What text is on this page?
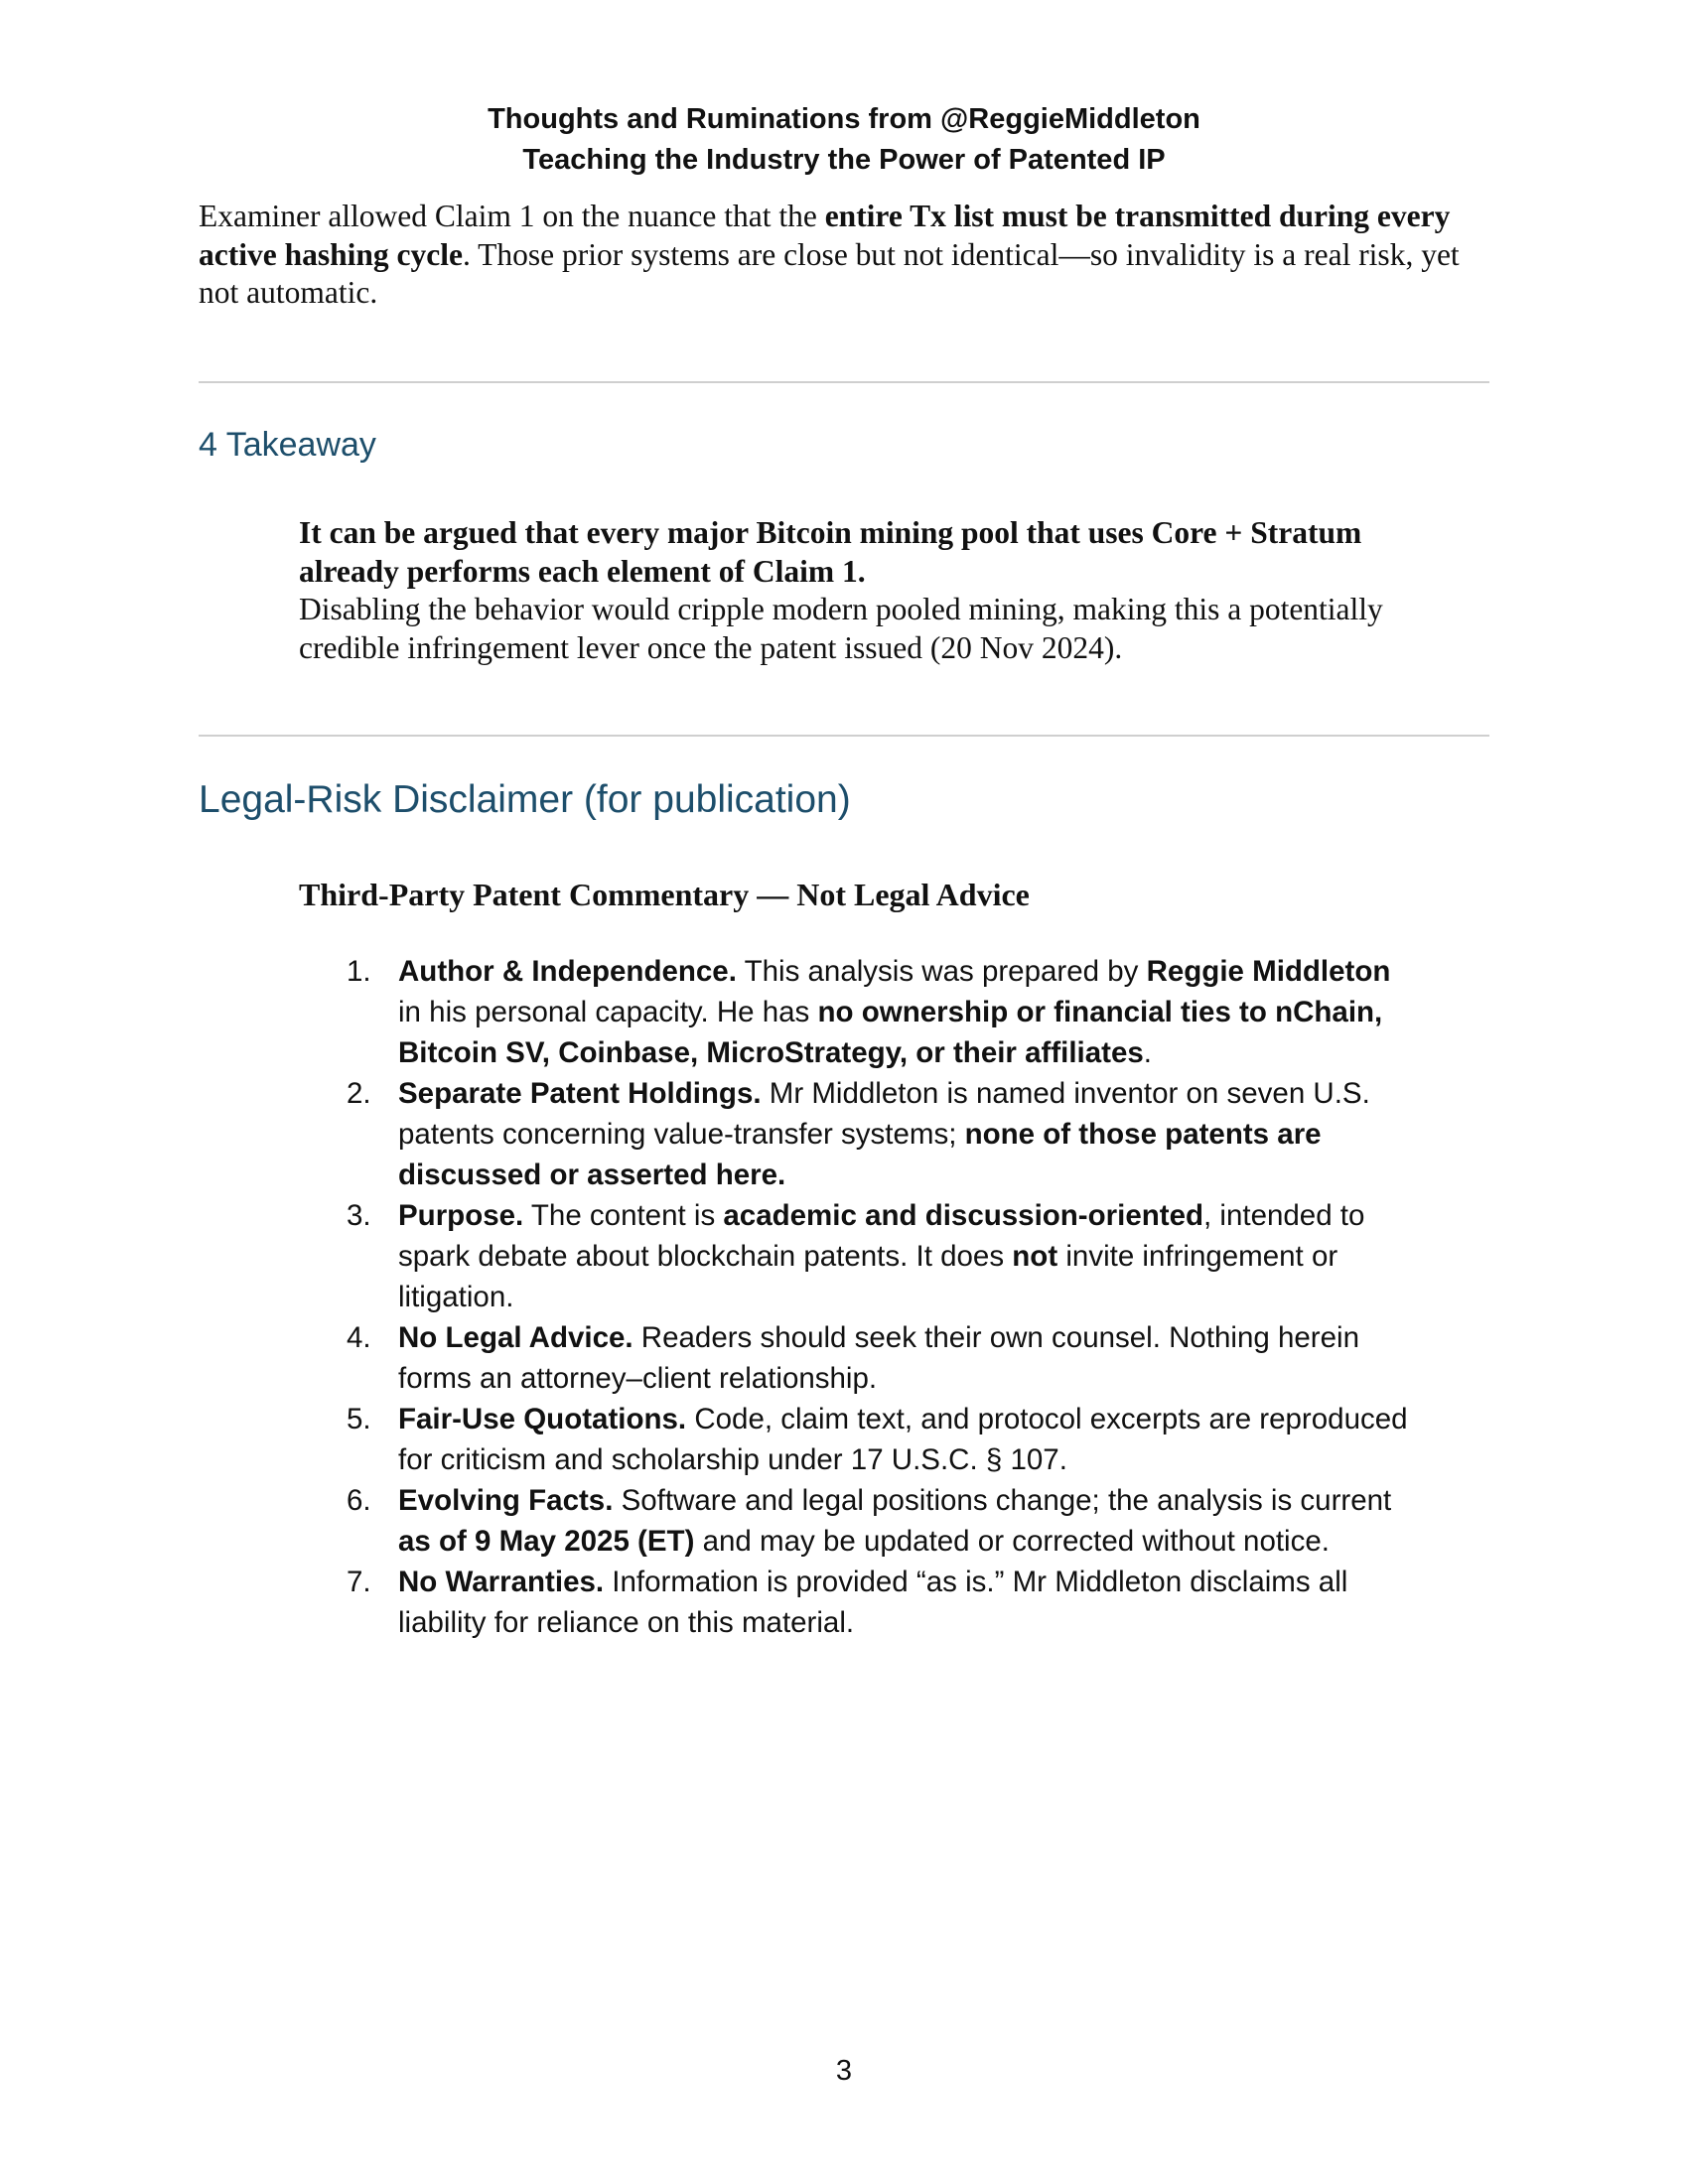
Thoughts and Ruminations from @ReggieMiddleton
Teaching the Industry the Power of Patented IP
Examiner allowed Claim 1 on the nuance that the entire Tx list must be transmitted during every active hashing cycle. Those prior systems are close but not identical—so invalidity is a real risk, yet not automatic.
4 Takeaway
It can be argued that every major Bitcoin mining pool that uses Core + Stratum already performs each element of Claim 1.
Disabling the behavior would cripple modern pooled mining, making this a potentially credible infringement lever once the patent issued (20 Nov 2024).
Legal-Risk Disclaimer (for publication)
Third-Party Patent Commentary — Not Legal Advice
1. Author & Independence. This analysis was prepared by Reggie Middleton in his personal capacity. He has no ownership or financial ties to nChain, Bitcoin SV, Coinbase, MicroStrategy, or their affiliates.
2. Separate Patent Holdings. Mr Middleton is named inventor on seven U.S. patents concerning value-transfer systems; none of those patents are discussed or asserted here.
3. Purpose. The content is academic and discussion-oriented, intended to spark debate about blockchain patents. It does not invite infringement or litigation.
4. No Legal Advice. Readers should seek their own counsel. Nothing herein forms an attorney–client relationship.
5. Fair-Use Quotations. Code, claim text, and protocol excerpts are reproduced for criticism and scholarship under 17 U.S.C. § 107.
6. Evolving Facts. Software and legal positions change; the analysis is current as of 9 May 2025 (ET) and may be updated or corrected without notice.
7. No Warranties. Information is provided “as is.” Mr Middleton disclaims all liability for reliance on this material.
3
